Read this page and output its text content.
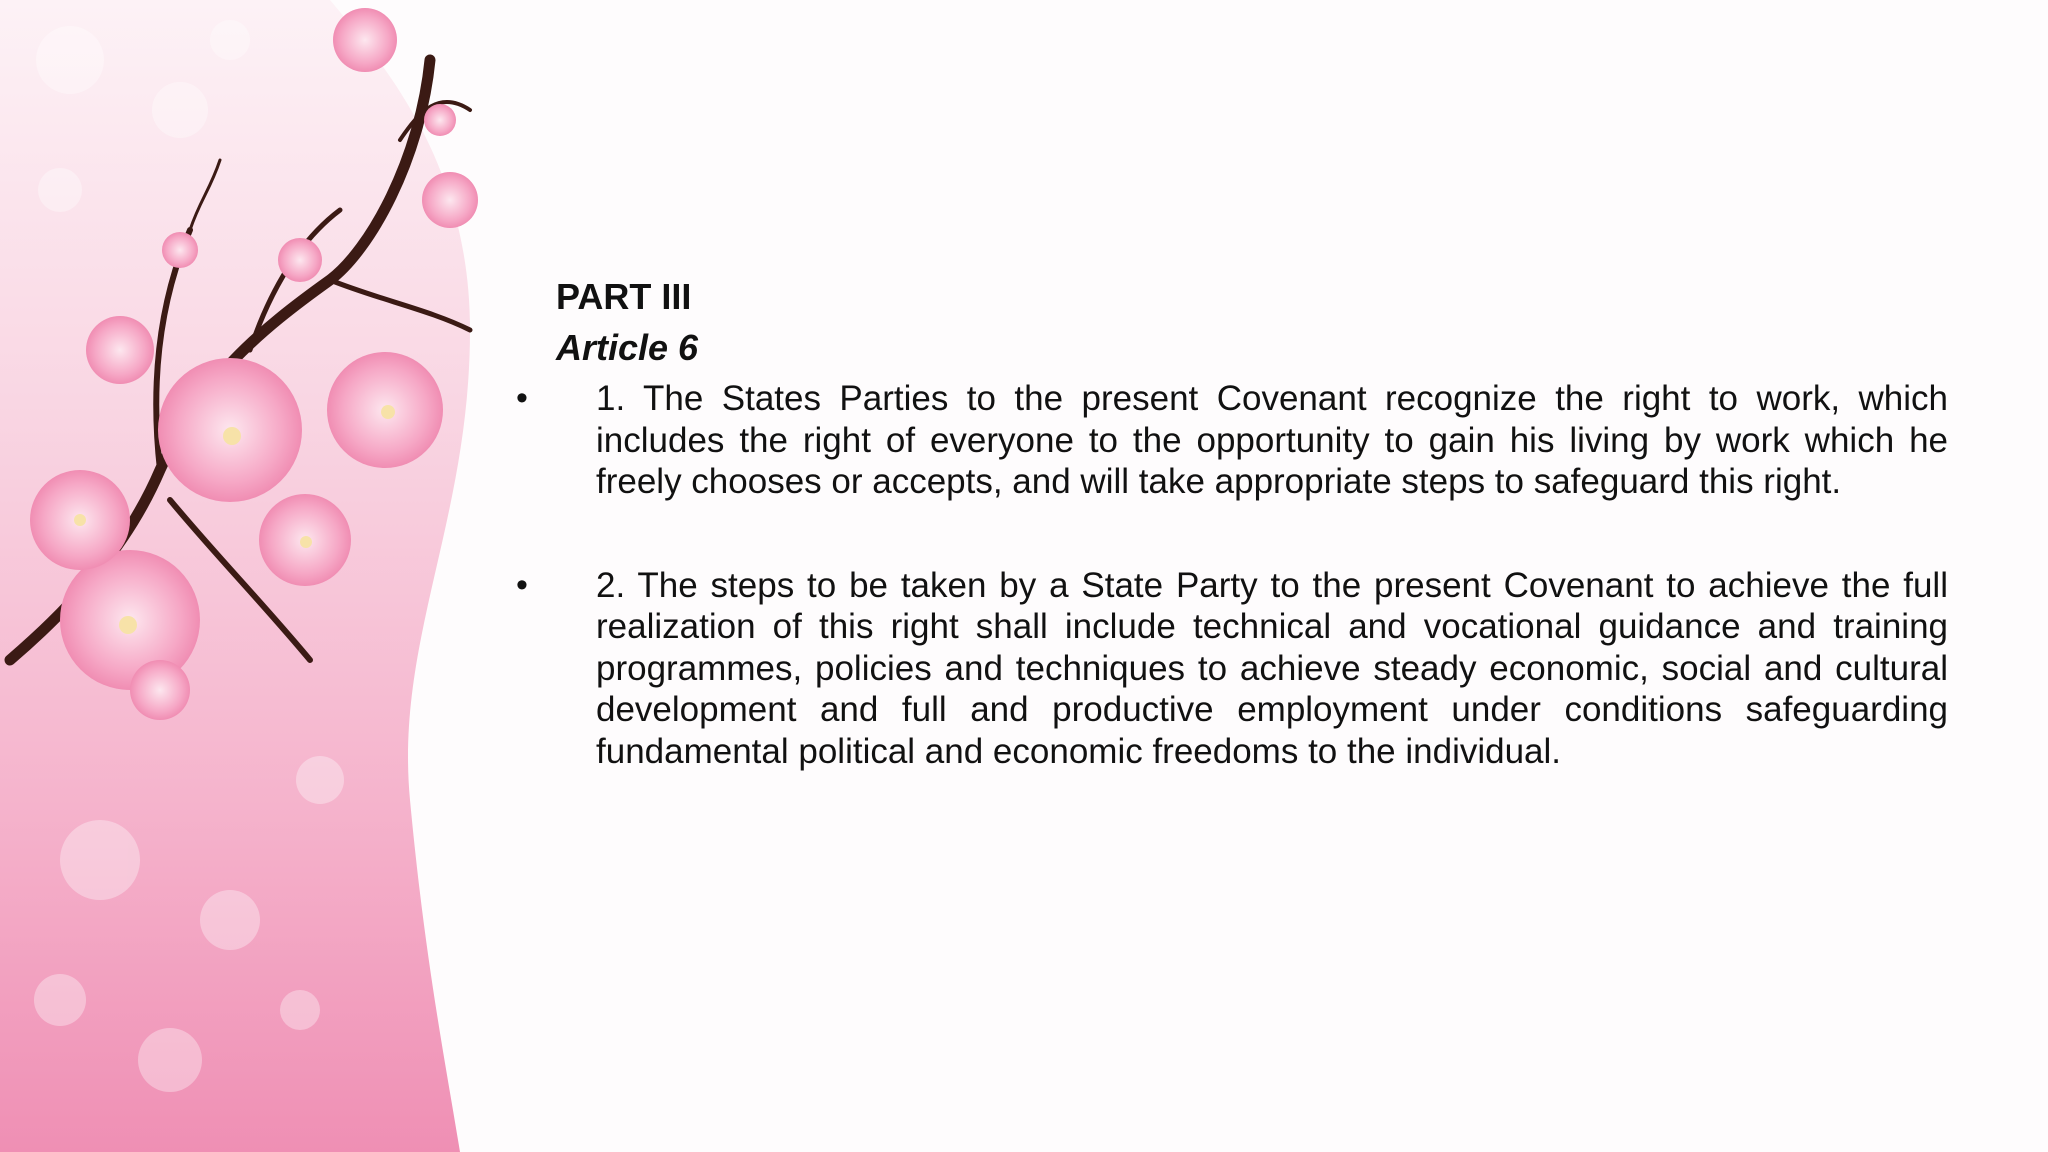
PART III
Article 6
• 1. The States Parties to the present Covenant recognize the right to work, which includes the right of everyone to the opportunity to gain his living by work which he freely chooses or accepts, and will take appropriate steps to safeguard this right.
• 2. The steps to be taken by a State Party to the present Covenant to achieve the full realization of this right shall include technical and vocational guidance and training programmes, policies and techniques to achieve steady economic, social and cultural development and full and productive employment under conditions safeguarding fundamental political and economic freedoms to the individual.
